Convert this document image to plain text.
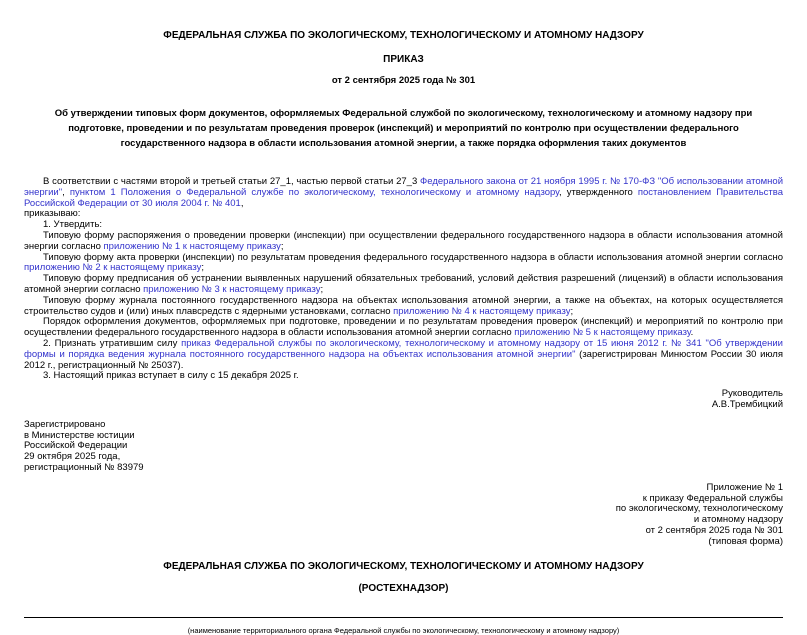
ФЕДЕРАЛЬНАЯ СЛУЖБА ПО ЭКОЛОГИЧЕСКОМУ, ТЕХНОЛОГИЧЕСКОМУ И АТОМНОМУ НАДЗОРУ
ПРИКАЗ
от 2 сентября 2025 года № 301
Об утверждении типовых форм документов, оформляемых Федеральной службой по экологическому, технологическому и атомному надзору при подготовке, проведении и по результатам проведения проверок (инспекций) и мероприятий по контролю при осуществлении федерального государственного надзора в области использования атомной энергии, а также порядка оформления таких документов

В соответствии с частями второй и третьей статьи 27_1, частью первой статьи 27_3 Федерального закона от 21 ноября 1995 г. № 170-ФЗ "Об использовании атомной энергии", пунктом 1 Положения о Федеральной службе по экологическому, технологическому и атомному надзору, утвержденного постановлением Правительства Российской Федерации от 30 июля 2004 г. № 401,

приказываю:

1. Утвердить:

Типовую форму распоряжения о проведении проверки (инспекции) при осуществлении федерального государственного надзора в области использования атомной энергии согласно приложению № 1 к настоящему приказу;

Типовую форму акта проверки (инспекции) по результатам проведения федерального государственного надзора в области использования атомной энергии согласно приложению № 2 к настоящему приказу;

Типовую форму предписания об устранении выявленных нарушений обязательных требований, условий действия разрешений (лицензий) в области использования атомной энергии согласно приложению № 3 к настоящему приказу;

Типовую форму журнала постоянного государственного надзора на объектах использования атомной энергии, а также на объектах, на которых осуществляется строительство судов и (или) иных плавсредств с ядерными установками, согласно приложению № 4 к настоящему приказу;

Порядок оформления документов, оформляемых при подготовке, проведении и по результатам проведения проверок (инспекций) и мероприятий по контролю при осуществлении федерального государственного надзора в области использования атомной энергии согласно приложению № 5 к настоящему приказу.

2. Признать утратившим силу приказ Федеральной службы по экологическому, технологическому и атомному надзору от 15 июня 2012 г. № 341 "Об утверждении формы и порядка ведения журнала постоянного государственного надзора на объектах использования атомной энергии" (зарегистрирован Минюстом России 30 июля 2012 г., регистрационный № 25037).

3. Настоящий приказ вступает в силу с 15 декабря 2025 г.

Руководитель
А.В.Трембицкий
Зарегистрировано
в Министерстве юстиции
Российской Федерации
29 октября 2025 года,
регистрационный № 83979
Приложение № 1
к приказу Федеральной службы
по экологическому, технологическому
и атомному надзору
от 2 сентября 2025 года № 301
(типовая форма)
ФЕДЕРАЛЬНАЯ СЛУЖБА ПО ЭКОЛОГИЧЕСКОМУ, ТЕХНОЛОГИЧЕСКОМУ И АТОМНОМУ НАДЗОРУ
(РОСТЕХНАДЗОР)
(наименование территориального органа Федеральной службы по экологическому, технологическому и атомному надзору)
